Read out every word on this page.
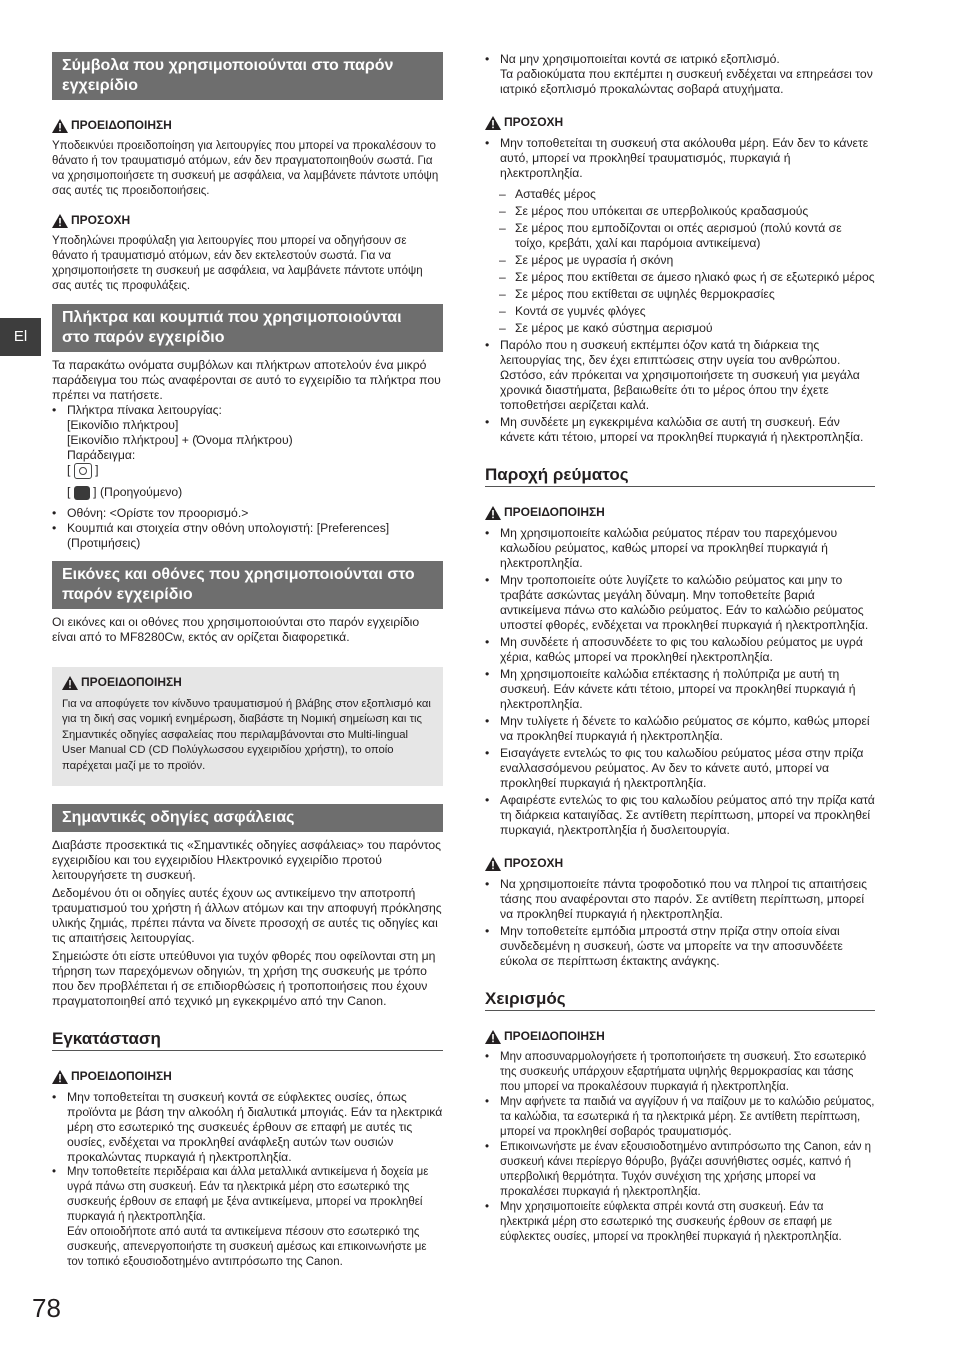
El
Σύμβολα που χρησιμοποιούνται στο παρόν εγχειρίδιο
ΠΡΟΕΙΔΟΠΟΙΗΣΗ

Υποδεικνύει προειδοποίηση για λειτουργίες που μπορεί να προκαλέσουν το θάνατο ή τον τραυματισμό ατόμων, εάν δεν πραγματοποιηθούν σωστά. Για να χρησιμοποιήσετε τη συσκευή με ασφάλεια, να λαμβάνετε πάντοτε υπόψη σας αυτές τις προειδοποιήσεις.

ΠΡΟΣΟΧΗ

Υποδηλώνει προφύλαξη για λειτουργίες που μπορεί να οδηγήσουν σε θάνατο ή τραυματισμό ατόμων, εάν δεν εκτελεστούν σωστά. Για να χρησιμοποιήσετε τη συσκευή με ασφάλεια, να λαμβάνετε πάντοτε υπόψη σας αυτές τις προφυλάξεις.

Πλήκτρα και κουμπιά που χρησιμοποιούνται στο παρόν εγχειρίδιο

Τα παρακάτω ονόματα συμβόλων και πλήκτρων αποτελούν ένα μικρό παράδειγμα του πώς αναφέρονται σε αυτό το εγχειρίδιο τα πλήκτρα που πρέπει να πατήσετε.

• Πλήκτρα πίνακα λειτουργίας:
[Εικονίδιο πλήκτρου]
[Εικονίδιο πλήκτρου] + (Όνομα πλήκτρου)
Παράδειγμα:
[  ]
[  ] (Προηγούμενο)
• Οθόνη: <Ορίστε τον προορισμό.>
• Κουμπιά και στοιχεία στην οθόνη υπολογιστή: [Preferences] (Προτιμήσεις)
Εικόνες και οθόνες που χρησιμοποιούνται στο παρόν εγχειρίδιο

Οι εικόνες και οι οθόνες που χρησιμοποιούνται στο παρόν εγχειρίδιο είναι από το MF8280Cw, εκτός αν ορίζεται διαφορετικά.

ΠΡΟΕΙΔΟΠΟΙΗΣΗ

Για να αποφύγετε τον κίνδυνο τραυματισμού ή βλάβης στον εξοπλισμό και για τη δική σας νομική ενημέρωση, διαβάστε τη Νομική σημείωση και τις Σημαντικές οδηγίες ασφαλείας που περιλαμβάνονται στο Multi-lingual User Manual CD (CD Πολύγλωσσου εγχειριδίου χρήστη), το οποίο παρέχεται μαζί με το προϊόν.

Σημαντικές οδηγίες ασφάλειας

Διαβάστε προσεκτικά τις «Σημαντικές οδηγίες ασφάλειας» του παρόντος εγχειριδίου και του εγχειριδίου Ηλεκτρονικό εγχειρίδιο προτού λειτουργήσετε τη συσκευή.

Δεδομένου ότι οι οδηγίες αυτές έχουν ως αντικείμενο την αποτροπή τραυματισμού του χρήστη ή άλλων ατόμων και την αποφυγή πρόκλησης υλικής ζημιάς, πρέπει πάντα να δίνετε προσοχή σε αυτές τις οδηγίες και τις απαιτήσεις λειτουργίας.

Σημειώστε ότι είστε υπεύθυνοι για τυχόν φθορές που οφείλονται στη μη τήρηση των παρεχόμενων οδηγιών, τη χρήση της συσκευής με τρόπο που δεν προβλέπεται ή σε επιδιορθώσεις ή τροποποιήσεις που έχουν πραγματοποιηθεί από τεχνικό μη εγκεκριμένο από την Canon.

Εγκατάσταση
ΠΡΟΕΙΔΟΠΟΙΗΣΗ
• Μην τοποθετείται τη συσκευή κοντά σε εύφλεκτες ουσίες, όπως προϊόντα με βάση την αλκοόλη ή διαλυτικά μπογιάς. Εάν τα ηλεκτρικά μέρη στο εσωτερικό της συσκευές έρθουν σε επαφή με αυτές τις ουσίες, ενδέχεται να προκληθεί ανάφλεξη αυτών των ουσιών προκαλώντας πυρκαγιά ή ηλεκτροπληξία.
• Μην τοποθετείτε περιδέραια και άλλα μεταλλικά αντικείμενα ή δοχεία με υγρά πάνω στη συσκευή. Εάν τα ηλεκτρικά μέρη στο εσωτερικό της συσκευής έρθουν σε επαφή με ξένα αντικείμενα, μπορεί να προκληθεί πυρκαγιά ή ηλεκτροπληξία.
Εάν οποιοδήποτε από αυτά τα αντικείμενα πέσουν στο εσωτερικό της συσκευής, απενεργοποιήστε τη συσκευή αμέσως και επικοινωνήστε με τον τοπικό εξουσιοδοτημένο αντιπρόσωπο της Canon.
• Να μην χρησιμοποιείται κοντά σε ιατρικό εξοπλισμό.
Τα ραδιοκύματα που εκπέμπει η συσκευή ενδέχεται να επηρεάσει τον ιατρικό εξοπλισμό προκαλώντας σοβαρά ατυχήματα.
ΠΡΟΣΟΧΗ
• Μην τοποθετείται τη συσκευή στα ακόλουθα μέρη. Εάν δεν το κάνετε αυτό, μπορεί να προκληθεί τραυματισμός, πυρκαγιά ή ηλεκτροπληξία.
– Ασταθές μέρος
– Σε μέρος που υπόκειται σε υπερβολικούς κραδασμούς
– Σε μέρος που εμποδίζονται οι οπές αερισμού (πολύ κοντά σε τοίχο, κρεβάτι, χαλί και παρόμοια αντικείμενα)
– Σε μέρος με υγρασία ή σκόνη
– Σε μέρος που εκτίθεται σε άμεσο ηλιακό φως ή σε εξωτερικό μέρος
– Σε μέρος που εκτίθεται σε υψηλές θερμοκρασίες
– Κοντά σε γυμνές φλόγες
– Σε μέρος με κακό σύστημα αερισμού
• Παρόλο που η συσκευή εκπέμπει όζον κατά τη διάρκεια της λειτουργίας της, δεν έχει επιπτώσεις στην υγεία του ανθρώπου. Ωστόσο, εάν πρόκειται να χρησιμοποιήσετε τη συσκευή για μεγάλα χρονικά διαστήματα, βεβαιωθείτε ότι το μέρος όπου την έχετε τοποθετήσει αερίζεται καλά.
• Μη συνδέετε μη εγκεκριμένα καλώδια σε αυτή τη συσκευή. Εάν κάνετε κάτι τέτοιο, μπορεί να προκληθεί πυρκαγιά ή ηλεκτροπληξία.
Παροχή ρεύματος
ΠΡΟΕΙΔΟΠΟΙΗΣΗ
• Μη χρησιμοποιείτε καλώδια ρεύματος πέραν του παρεχόμενου καλωδίου ρεύματος, καθώς μπορεί να προκληθεί πυρκαγιά ή ηλεκτροπληξία.
• Μην τροποποιείτε ούτε λυγίζετε το καλώδιο ρεύματος και μην το τραβάτε ασκώντας μεγάλη δύναμη. Μην τοποθετείτε βαριά αντικείμενα πάνω στο καλώδιο ρεύματος. Εάν το καλώδιο ρεύματος υποστεί φθορές, ενδέχεται να προκληθεί πυρκαγιά ή ηλεκτροπληξία.
• Μη συνδέετε ή αποσυνδέετε το φις του καλωδίου ρεύματος με υγρά χέρια, καθώς μπορεί να προκληθεί ηλεκτροπληξία.
• Μη χρησιμοποιείτε καλώδια επέκτασης ή πολύπριζα με αυτή τη συσκευή. Εάν κάνετε κάτι τέτοιο, μπορεί να προκληθεί πυρκαγιά ή ηλεκτροπληξία.
• Μην τυλίγετε ή δένετε το καλώδιο ρεύματος σε κόμπο, καθώς μπορεί να προκληθεί πυρκαγιά ή ηλεκτροπληξία.
• Εισαγάγετε εντελώς το φις του καλωδίου ρεύματος μέσα στην πρίζα εναλλασσόμενου ρεύματος. Αν δεν το κάνετε αυτό, μπορεί να προκληθεί πυρκαγιά ή ηλεκτροπληξία.
• Αφαιρέστε εντελώς το φις του καλωδίου ρεύματος από την πρίζα κατά τη διάρκεια καταιγίδας. Σε αντίθετη περίπτωση, μπορεί να προκληθεί πυρκαγιά, ηλεκτροπληξία ή δυσλειτουργία.
ΠΡΟΣΟΧΗ
• Να χρησιμοποιείτε πάντα τροφοδοτικό που να πληροί τις απαιτήσεις τάσης που αναφέρονται στο παρόν. Σε αντίθετη περίπτωση, μπορεί να προκληθεί πυρκαγιά ή ηλεκτροπληξία.
• Μην τοποθετείτε εμπόδια μπροστά στην πρίζα στην οποία είναι συνδεδεμένη η συσκευή, ώστε να μπορείτε να την αποσυνδέετε εύκολα σε περίπτωση έκτακτης ανάγκης.
Χειρισμός
ΠΡΟΕΙΔΟΠΟΙΗΣΗ
• Μην αποσυναρμολογήσετε ή τροποποιήσετε τη συσκευή. Στο εσωτερικό της συσκευής υπάρχουν εξαρτήματα υψηλής θερμοκρασίας και τάσης που μπορεί να προκαλέσουν πυρκαγιά ή ηλεκτροπληξία.
• Μην αφήνετε τα παιδιά να αγγίζουν ή να παίζουν με το καλώδιο ρεύματος, τα καλώδια, τα εσωτερικά ή τα ηλεκτρικά μέρη. Σε αντίθετη περίπτωση, μπορεί να προκληθεί σοβαρός τραυματισμός.
• Επικοινωνήστε με έναν εξουσιοδοτημένο αντιπρόσωπο της Canon, εάν η συσκευή κάνει περίεργο θόρυβο, βγάζει ασυνήθιστες οσμές, καπνό ή υπερβολική θερμότητα. Τυχόν συνέχιση της χρήσης μπορεί να προκαλέσει πυρκαγιά ή ηλεκτροπληξία.
• Μην χρησιμοποιείτε εύφλεκτα σπρέι κοντά στη συσκευή. Εάν τα ηλεκτρικά μέρη στο εσωτερικό της συσκευής έρθουν σε επαφή με εύφλεκτες ουσίες, μπορεί να προκληθεί πυρκαγιά ή ηλεκτροπληξία.
78
